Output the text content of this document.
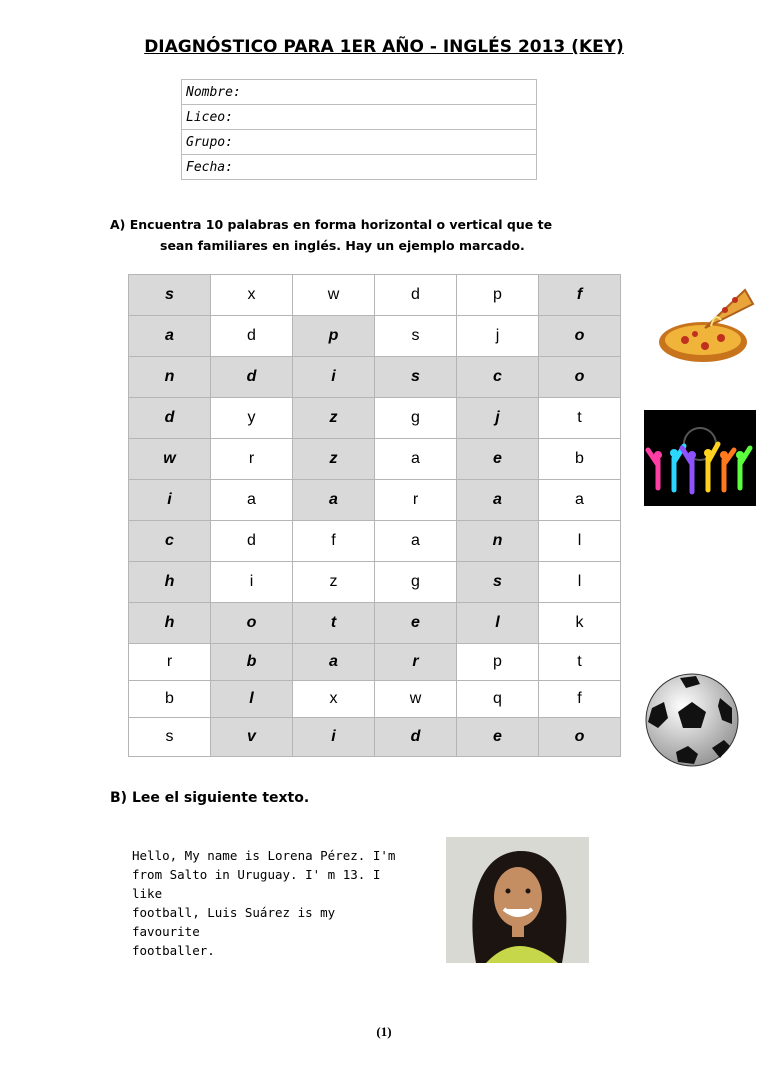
DIAGNÓSTICO PARA 1ER AÑO - INGLÉS 2013 (KEY)
Nombre:
Liceo:
Grupo:
Fecha:
A) Encuentra 10 palabras en forma horizontal o vertical que te
sean familiares en inglés. Hay un ejemplo marcado.
s	x	w	d	p	f
a	d	p	s	j	o
n	d	i	s	c	o
d	y	z	g	j	t
w	r	z	a	e	b
i	a	a	r	a	a
c	d	f	a	n	l
h	i	z	g	s	l
h	o	t	e	l	k
r	b	a	r	p	t
b	l	x	w	q	f
s	v	i	d	e	o
B) Lee el siguiente texto.
Hello, My name is Lorena Pérez. I'm
from Salto in Uruguay. I' m 13. I like
football, Luis Suárez is my favourite
footballer.
(1)
